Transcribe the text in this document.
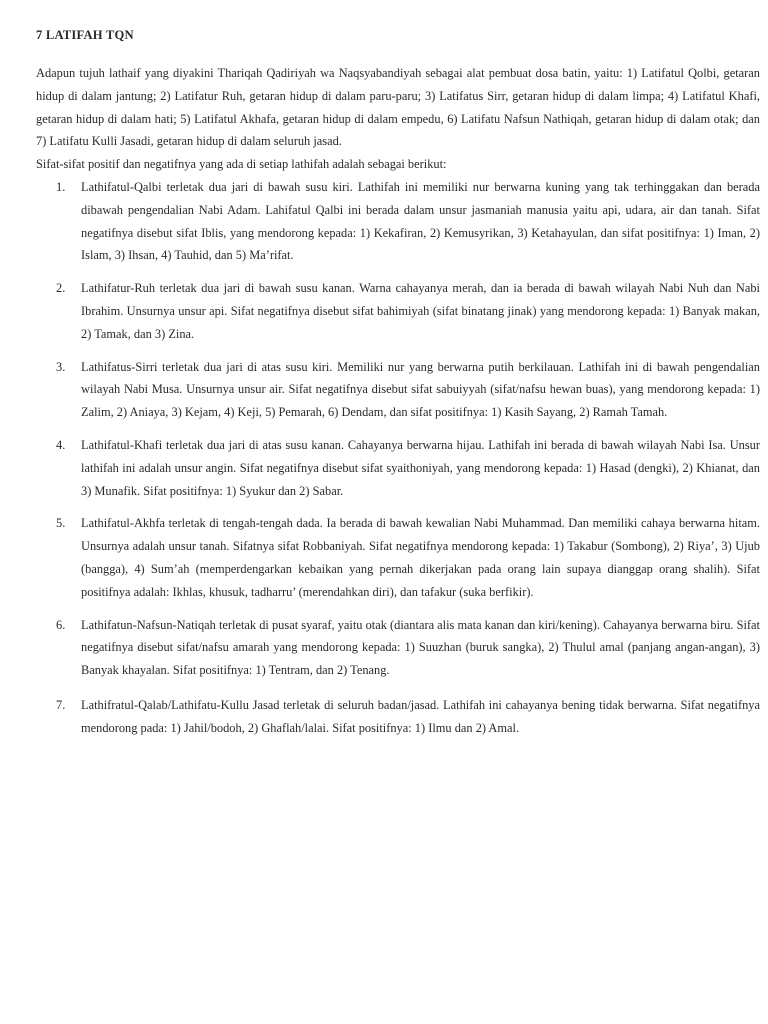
7 LATIFAH TQN

Adapun tujuh lathaif yang diyakini Thariqah Qadiriyah wa Naqsyabandiyah sebagai alat pembuat dosa batin, yaitu: 1) Latifatul Qolbi, getaran hidup di dalam jantung; 2) Latifatur Ruh, getaran hidup di dalam paru-paru; 3) Latifatus Sirr, getaran hidup di dalam limpa; 4) Latifatul Khafi, getaran hidup di dalam hati; 5) Latifatul Akhafa, getaran hidup di dalam empedu, 6) Latifatu Nafsun Nathiqah, getaran hidup di dalam otak; dan 7) Latifatu Kulli Jasadi, getaran hidup di dalam seluruh jasad.

Sifat-sifat positif dan negatifnya yang ada di setiap lathifah adalah sebagai berikut:

1. Lathifatul-Qalbi terletak dua jari di bawah susu kiri. Lathifah ini memiliki nur berwarna kuning yang tak terhinggakan dan berada dibawah pengendalian Nabi Adam. Lahifatul Qalbi ini berada dalam unsur jasmaniah manusia yaitu api, udara, air dan tanah. Sifat negatifnya disebut sifat Iblis, yang mendorong kepada: 1) Kekafiran, 2) Kemusyrikan, 3) Ketahayulan, dan sifat positifnya: 1) Iman, 2) Islam, 3) Ihsan, 4) Tauhid, dan 5) Ma’rifat.
2. Lathifatur-Ruh terletak dua jari di bawah susu kanan. Warna cahayanya merah, dan ia berada di bawah wilayah Nabi Nuh dan Nabi Ibrahim. Unsurnya unsur api. Sifat negatifnya disebut sifat bahimiyah (sifat binatang jinak) yang mendorong kepada: 1) Banyak makan, 2) Tamak, dan 3) Zina.
3. Lathifatus-Sirri terletak dua jari di atas susu kiri. Memiliki nur yang berwarna putih berkilauan. Lathifah ini di bawah pengendalian wilayah Nabi Musa. Unsurnya unsur air. Sifat negatifnya disebut sifat sabuiyyah (sifat/nafsu hewan buas), yang mendorong kepada: 1) Zalim, 2) Aniaya, 3) Kejam, 4) Keji, 5) Pemarah, 6) Dendam, dan sifat positifnya: 1) Kasih Sayang, 2) Ramah Tamah.
4. Lathifatul-Khafi terletak dua jari di atas susu kanan. Cahayanya berwarna hijau. Lathifah ini berada di bawah wilayah Nabi Isa. Unsur lathifah ini adalah unsur angin. Sifat negatifnya disebut sifat syaithoniyah, yang mendorong kepada: 1) Hasad (dengki), 2) Khianat, dan 3) Munafik. Sifat positifnya: 1) Syukur dan 2) Sabar.
5. Lathifatul-Akhfa terletak di tengah-tengah dada. Ia berada di bawah kewalian Nabi Muhammad. Dan memiliki cahaya berwarna hitam. Unsurnya adalah unsur tanah. Sifatnya sifat Robbaniyah. Sifat negatifnya mendorong kepada: 1) Takabur (Sombong), 2) Riya’, 3) Ujub (bangga), 4) Sum’ah (memperdengarkan kebaikan yang pernah dikerjakan pada orang lain supaya dianggap orang shalih). Sifat positifnya adalah: Ikhlas, khusuk, tadharru’ (merendahkan diri), dan tafakur (suka berfikir).
6. Lathifatun-Nafsun-Natiqah terletak di pusat syaraf, yaitu otak (diantara alis mata kanan dan kiri/kening). Cahayanya berwarna biru. Sifat negatifnya disebut sifat/nafsu amarah yang mendorong kepada: 1) Suuzhan (buruk sangka), 2) Thulul amal (panjang angan-angan), 3) Banyak khayalan. Sifat positifnya: 1) Tentram, dan 2) Tenang.
7. Lathifratul-Qalab/Lathifatu-Kullu Jasad terletak di seluruh badan/jasad. Lathifah ini cahayanya bening tidak berwarna. Sifat negatifnya mendorong pada: 1) Jahil/bodoh, 2) Ghaflah/lalai. Sifat positifnya: 1) Ilmu dan 2) Amal.
